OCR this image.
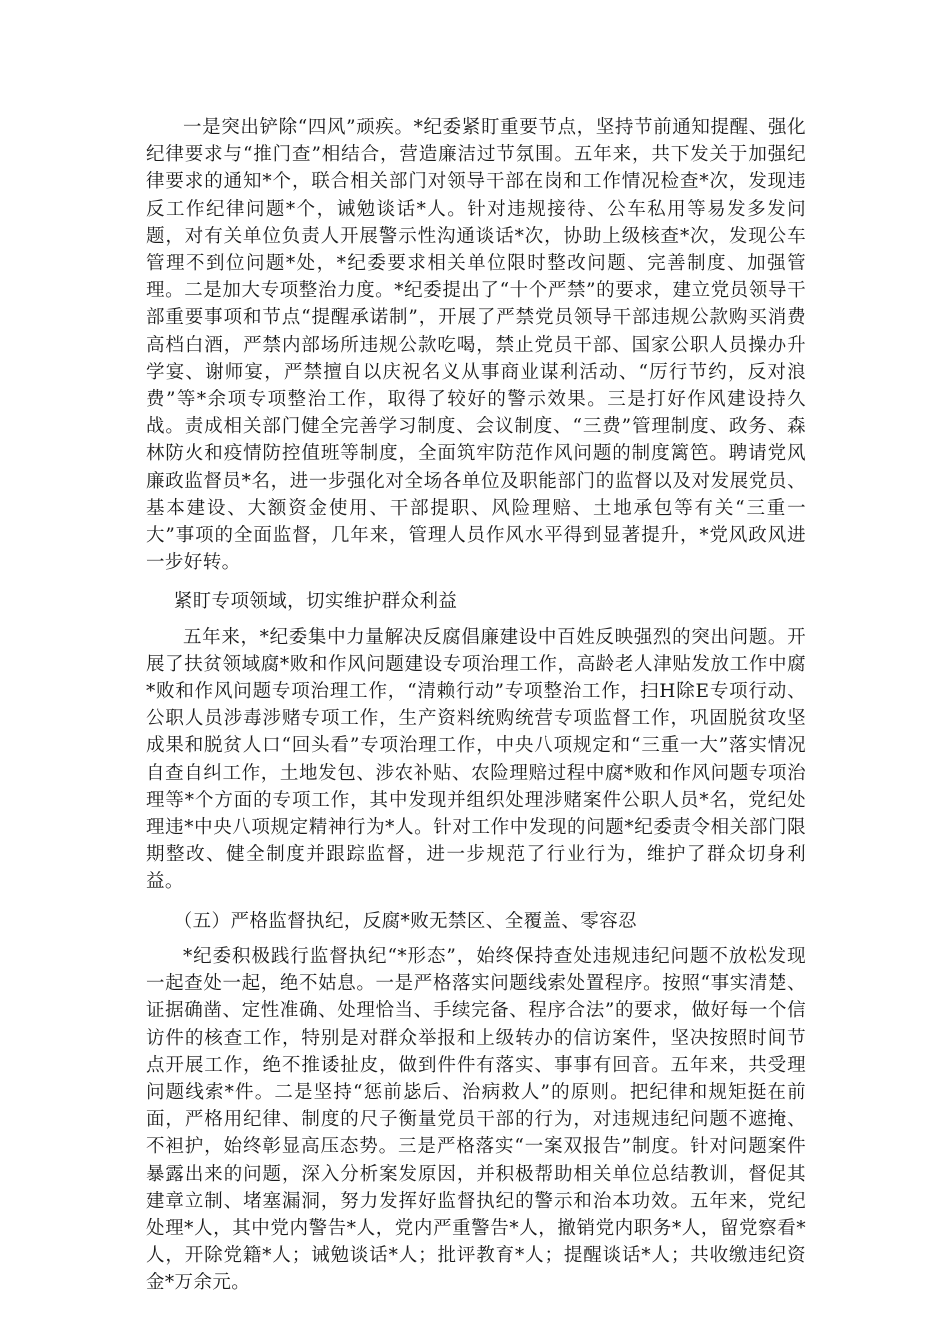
一是突出铲除“四风”顽疾。*纪委紧盯重要节点，坚持节前通知提醒、强化纪律要求与“推门查”相结合，营造廉洁过节氛围。五年来，共下发关于加强纪律要求的通知*个，联合相关部门对领导干部在岗和工作情况检查*次，发现违反工作纪律问题*个，诫勉谈话*人。针对违规接待、公车私用等易发多发问题，对有关单位负责人开展警示性沟通谈话*次，协助上级核查*次，发现公车管理不到位问题*处，*纪委要求相关单位限时整改问题、完善制度、加强管理。二是加大专项整治力度。*纪委提出了“十个严禁”的要求，建立党员领导干部重要事项和节点“提醒承诺制”，开展了严禁党员领导干部违规公款购买消费高档白酒，严禁内部场所违规公款吃喝，禁止党员干部、国家公职人员操办升学宴、谢师宴，严禁擅自以庆祝名义从事商业谋利活动、“厉行节约，反对浪费”等*余项专项整治工作，取得了较好的警示效果。三是打好作风建设持久战。责成相关部门健全完善学习制度、会议制度、“三费”管理制度、政务、森林防火和疫情防控值班等制度，全面筑牢防范作风问题的制度篱笆。聘请党风廉政监督员*名，进一步强化对全场各单位及职能部门的监督以及对发展党员、基本建设、大额资金使用、干部提职、风险理赔、土地承包等有关“三重一大”事项的全面监督，几年来，管理人员作风水平得到显著提升，*党风政风进一步好转。

紧盯专项领域，切实维护群众利益

五年来，*纪委集中力量解决反腐倡廉建设中百姓反映强烈的突出问题。开展了扶贫领域腐*败和作风问题建设专项治理工作，高龄老人津贴发放工作中腐*败和作风问题专项治理工作，“清赖行动”专项整治工作，扫H除E专项行动、公职人员涉毒涉赌专项工作，生产资料统购统营专项监督工作，巩固脱贫攻坚成果和脱贫人口“回头看”专项治理工作，中央八项规定和“三重一大”落实情况自查自纠工作，土地发包、涉农补贴、农险理赔过程中腐*败和作风问题专项治理等*个方面的专项工作，其中发现并组织处理涉赌案件公职人员*名，党纪处理违*中央八项规定精神行为*人。针对工作中发现的问题*纪委责令相关部门限期整改、健全制度并跟踪监督，进一步规范了行业行为，维护了群众切身利益。

（五）严格监督执纪，反腐*败无禁区、全覆盖、零容忍

*纪委积极践行监督执纪“*形态”，始终保持查处违规违纪问题不放松发现一起查处一起，绝不姑息。一是严格落实问题线索处置程序。按照“事实清楚、证据确凿、定性准确、处理恰当、手续完备、程序合法”的要求，做好每一个信访件的核查工作，特别是对群众举报和上级转办的信访案件，坚决按照时间节点开展工作，绝不推诿扯皮，做到件件有落实、事事有回音。五年来，共受理问题线索*件。二是坚持“惩前毖后、治病救人”的原则。把纪律和规矩挺在前面，严格用纪律、制度的尺子衡量党员干部的行为，对违规违纪问题不遮掩、不袒护，始终彰显高压态势。三是严格落实“一案双报告”制度。针对问题案件暴露出来的问题，深入分析案发原因，并积极帮助相关单位总结教训，督促其建章立制、堵塞漏洞，努力发挥好监督执纪的警示和治本功效。五年来，党纪处理*人，其中党内警告*人，党内严重警告*人，撤销党内职务*人，留党察看*人，开除党籍*人；诫勉谈话*人；批评教育*人；提醒谈话*人；共收缴违纪资金*万余元。
